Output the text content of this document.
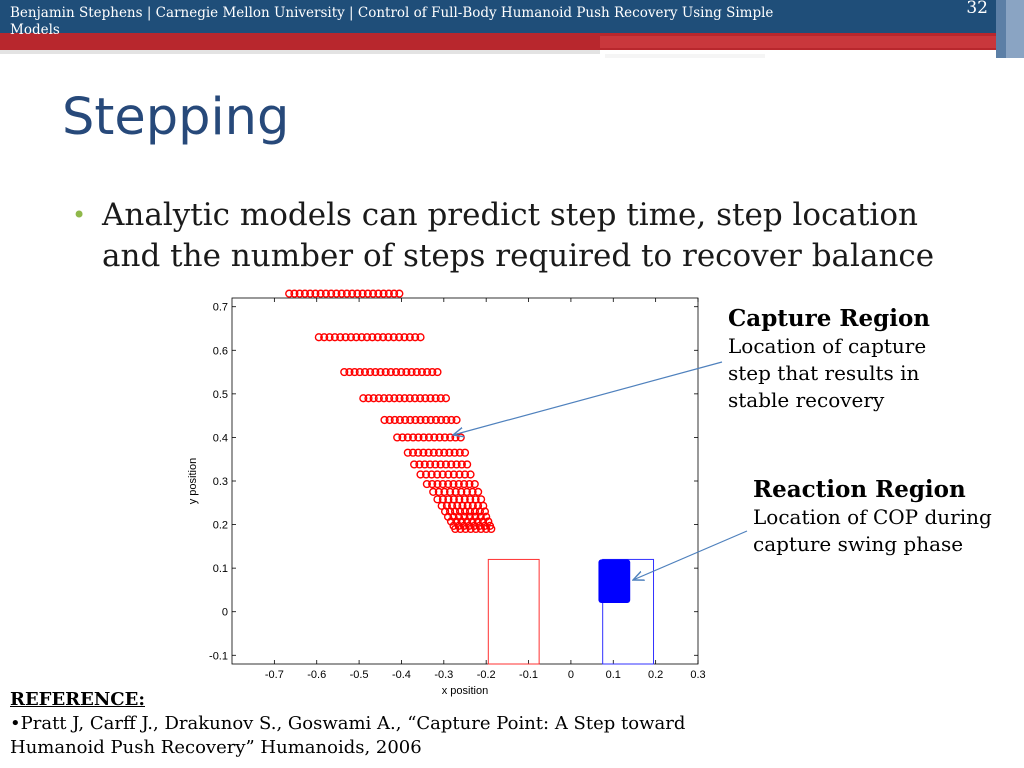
Benjamin Stephens | Carnegie Mellon University | Control of Full-Body Humanoid Push Recovery Using Simple Models
32
Stepping
• Analytic models can predict step time, step location and the number of steps required to recover balance
-0.7 -0.6 -0.5 -0.4 -0.3 -0.2 -0.1	0	0.1 0.2 0.3
-0.1
0
0.1
0.2
0.3
0.4
0.5
0.6
0.7
x position
y position
Capture Region
Location of capture step that results in stable recovery
Reaction Region
Location of COP during capture swing phase
REFERENCE:
•Pratt J, Carff J., Drakunov S., Goswami A., “Capture Point: A Step toward Humanoid Push Recovery” Humanoids, 2006
